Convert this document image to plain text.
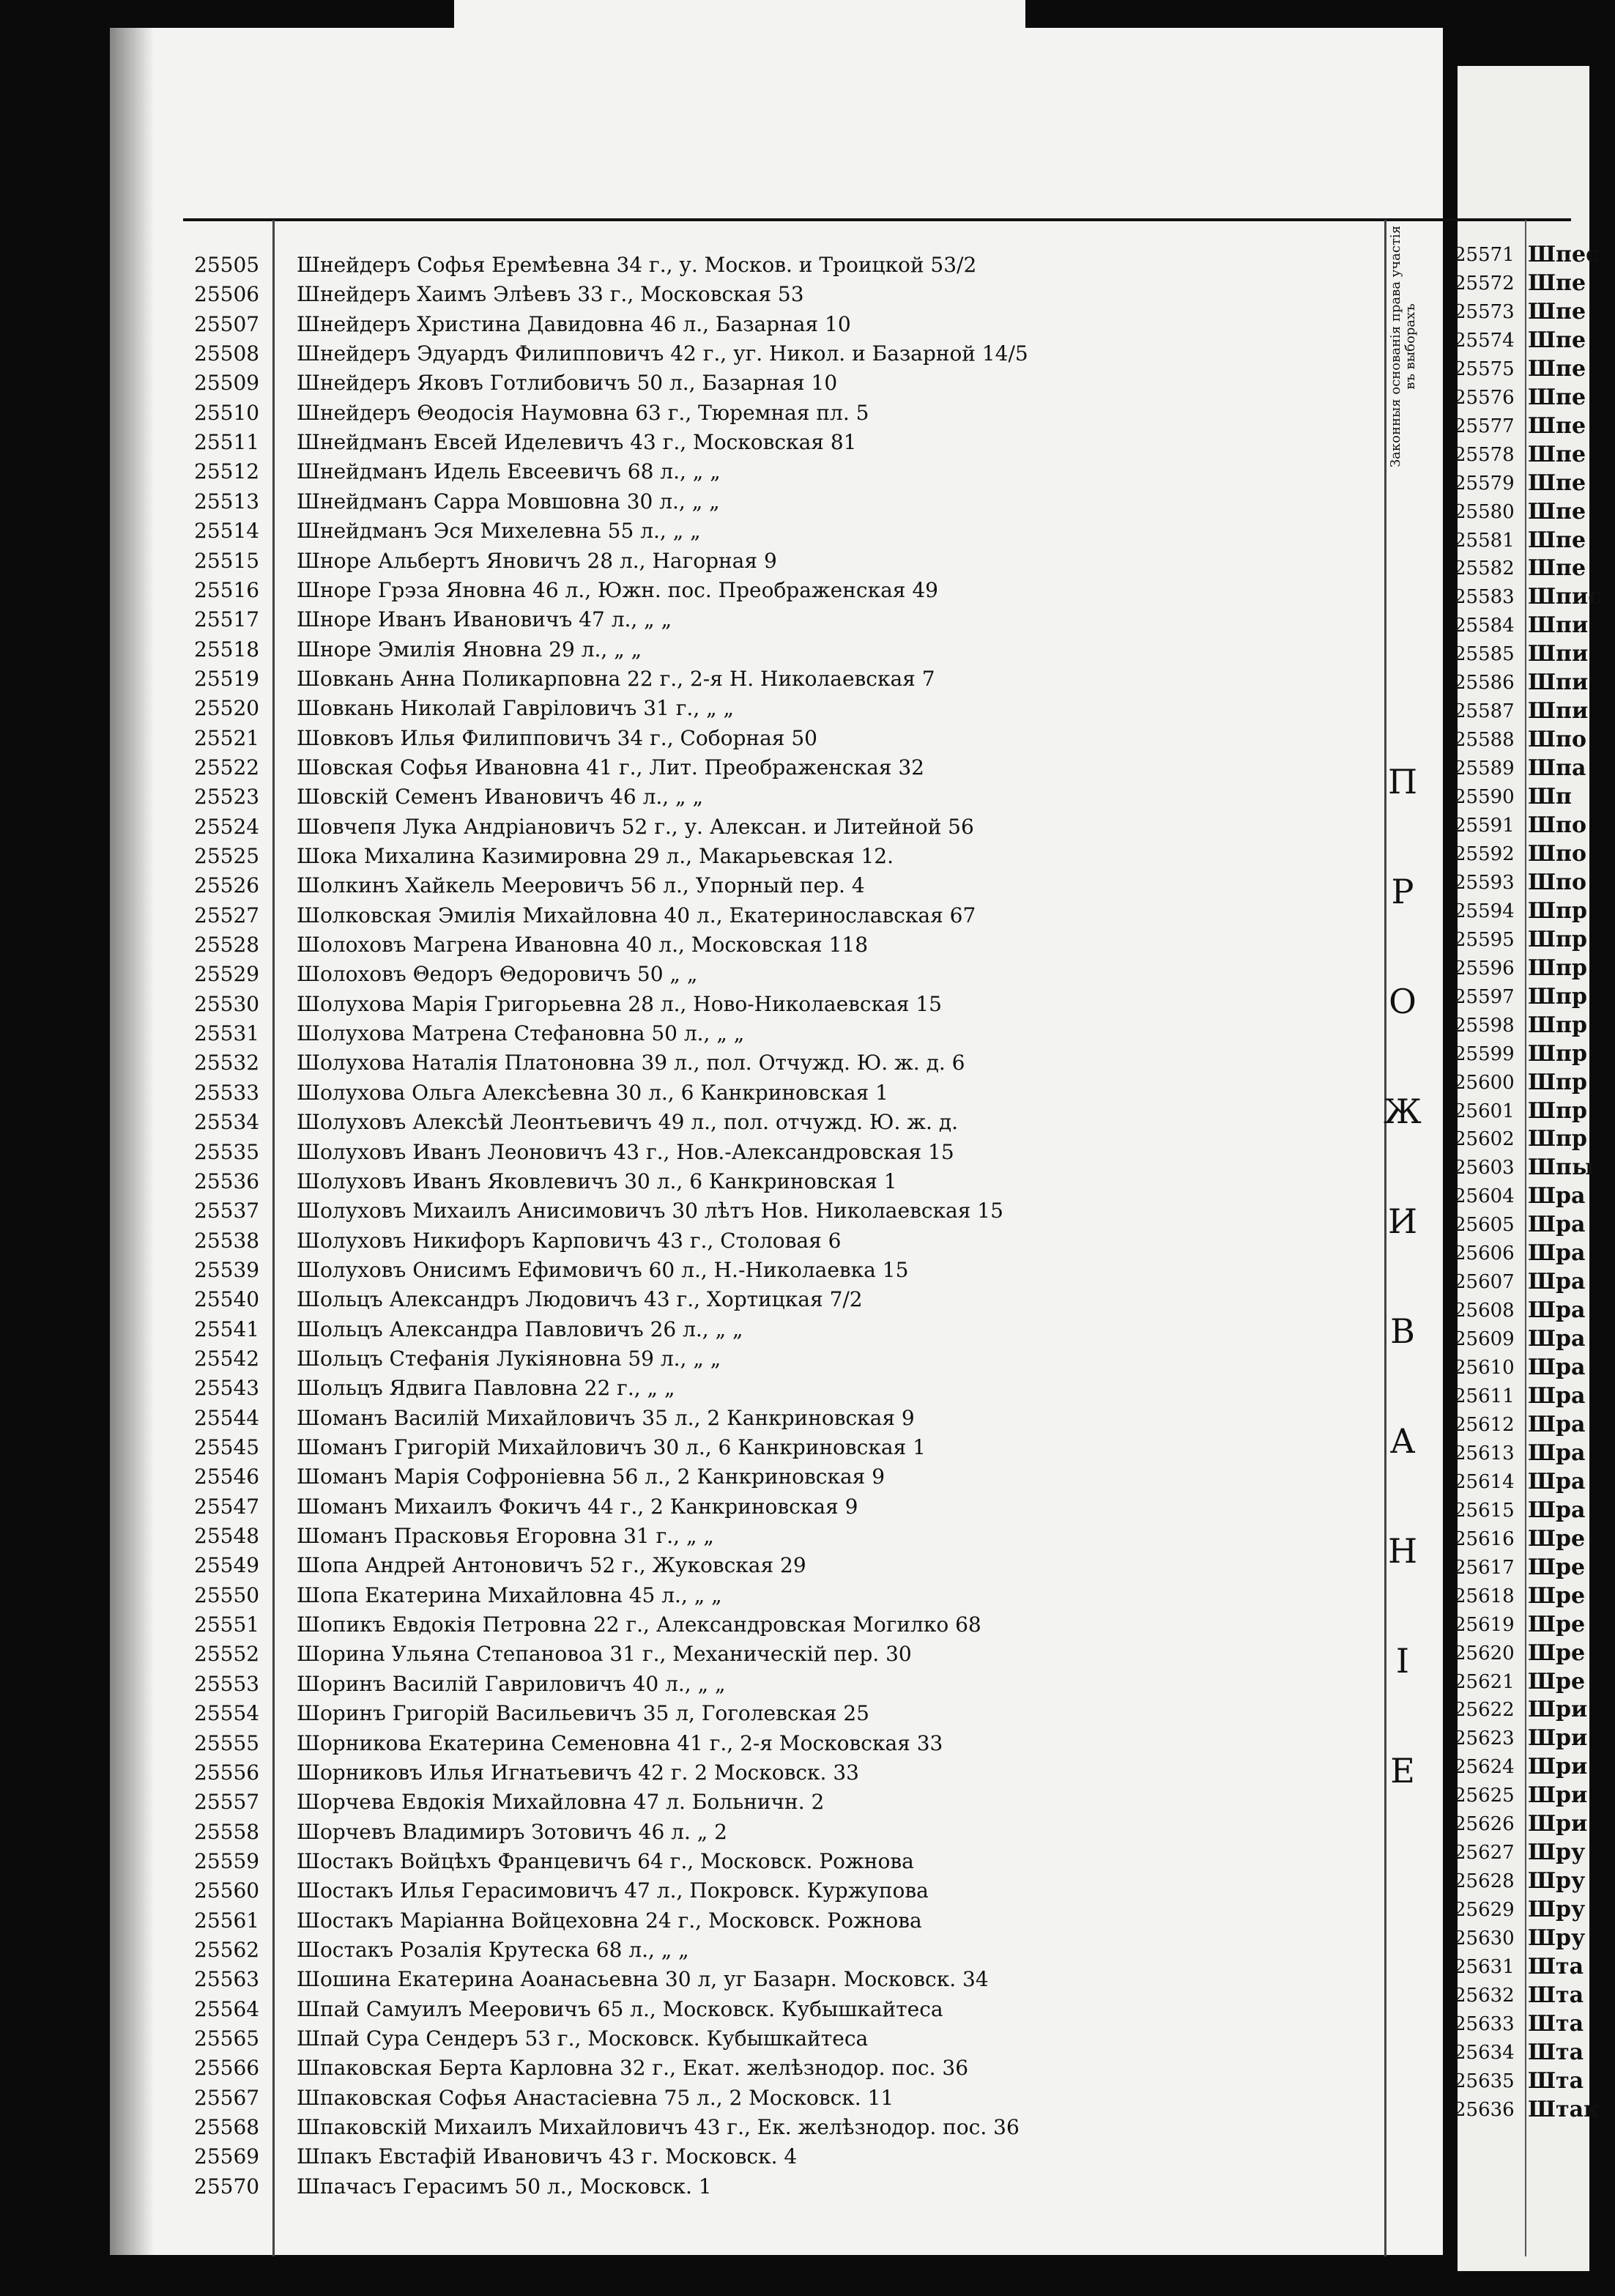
Законныя основанія права участія въ выборахъ
П
Р
О
Ж
И
В
А
Н
І
Е
25505	Шнейдеръ Софья Еремѣевна 34 г., у. Москов. и Троицкой 53/2
25506	Шнейдеръ Хаимъ Элѣевъ 33 г., Московская 53
25507	Шнейдеръ Христина Давидовна 46 л., Базарная 10
25508	Шнейдеръ Эдуардъ Филипповичъ 42 г., уг. Никол. и Базарной 14/5
25509	Шнейдеръ Яковъ Готлибовичъ 50 л., Базарная 10
25510	Шнейдеръ Θеодосія Наумовна 63 г., Тюремная пл. 5
25511	Шнейдманъ Евсей Иделевичъ 43 г., Московская 81
25512	Шнейдманъ Идель Евсеевичъ 68 л., „ „
25513	Шнейдманъ Сарра Мовшовна 30 л., „ „
25514	Шнейдманъ Эся Михелевна 55 л., „ „
25515	Шноре Альбертъ Яновичъ 28 л., Нагорная 9
25516	Шноре Грэза Яновна 46 л., Южн. пос. Преображенская 49
25517	Шноре Иванъ Ивановичъ 47 л., „ „
25518	Шноре Эмилія Яновна 29 л., „ „
25519	Шовкань Анна Поликарповна 22 г., 2-я Н. Николаевская 7
25520	Шовкань Николай Гавріловичъ 31 г., „ „
25521	Шовковъ Илья Филипповичъ 34 г., Соборная 50
25522	Шовская Софья Ивановна 41 г., Лит. Преображенская 32
25523	Шовскій Семенъ Ивановичъ 46 л., „ „
25524	Шовчепя Лука Андріановичъ 52 г., у. Алексан. и Литейной 56
25525	Шока Михалина Казимировна 29 л., Макарьевская 12.
25526	Шолкинъ Хайкель Мееровичъ 56 л., Упорный пер. 4
25527	Шолковская Эмилія Михайловна 40 л., Екатеринославская 67
25528	Шолоховъ Магрена Ивановна 40 л., Московская 118
25529	Шолоховъ Θедоръ Θедоровичъ 50 „ „
25530	Шолухова Марія Григорьевна 28 л., Ново-Николаевская 15
25531	Шолухова Матрена Стефановна 50 л., „ „
25532	Шолухова Наталія Платоновна 39 л., пол. Отчужд. Ю. ж. д. 6
25533	Шолухова Ольга Алексѣевна 30 л., 6 Канкриновская 1
25534	Шолуховъ Алексѣй Леонтьевичъ 49 л., пол. отчужд. Ю. ж. д.
25535	Шолуховъ Иванъ Леоновичъ 43 г., Нов.-Александровская 15
25536	Шолуховъ Иванъ Яковлевичъ 30 л., 6 Канкриновская 1
25537	Шолуховъ Михаилъ Анисимовичъ 30 лѣтъ Нов. Николаевская 15
25538	Шолуховъ Никифоръ Карповичъ 43 г., Столовая 6
25539	Шолуховъ Онисимъ Ефимовичъ 60 л., Н.-Николаевка 15
25540	Шольцъ Александръ Людовичъ 43 г., Хортицкая 7/2
25541	Шольцъ Александра Павловичъ 26 л., „ „
25542	Шольцъ Стефанія Лукіяновна 59 л., „ „
25543	Шольцъ Ядвига Павловна 22 г., „ „
25544	Шоманъ Василій Михайловичъ 35 л., 2 Канкриновская 9
25545	Шоманъ Григорій Михайловичъ 30 л., 6 Канкриновская 1
25546	Шоманъ Марія Софроніевна 56 л., 2 Канкриновская 9
25547	Шоманъ Михаилъ Фокичъ 44 г., 2 Канкриновская 9
25548	Шоманъ Прасковья Егоровна 31 г., „ „
25549	Шопа Андрей Антоновичъ 52 г., Жуковская 29
25550	Шопа Екатерина Михайловна 45 л., „ „
25551	Шопикъ Евдокія Петровна 22 г., Александровская Могилко 68
25552	Шорина Ульяна Степановоа 31 г., Механическій пер. 30
25553	Шоринъ Василій Гавриловичъ 40 л., „ „
25554	Шоринъ Григорій Васильевичъ 35 л, Гоголевская 25
25555	Шорникова Екатерина Семеновна 41 г., 2-я Московская 33
25556	Шорниковъ Илья Игнатьевичъ 42 г. 2 Московск. 33
25557	Шорчева Евдокія Михайловна 47 л. Больничн. 2
25558	Шорчевъ Владимиръ Зотовичъ 46 л. „ 2
25559	Шостакъ Войцѣхъ Францевичъ 64 г., Московск. Рожнова
25560	Шостакъ Илья Герасимовичъ 47 л., Покровск. Куржупова
25561	Шостакъ Маріанна Войцеховна 24 г., Московск. Рожнова
25562	Шостакъ Розалія Крутеска 68 л., „ „
25563	Шошина Екатерина Аоанасьевна 30 л, уг Базарн. Московск. 34
25564	Шпай Самуилъ Мееровичъ 65 л., Московск. Кубышкайтеса
25565	Шпай Сура Сендеръ 53 г., Московск. Кубышкайтеса
25566	Шпаковская Берта Карловна 32 г., Екат. желѣзнодор. пос. 36
25567	Шпаковская Софья Анастасіевна 75 л., 2 Московск. 11
25568	Шпаковскій Михаилъ Михайловичъ 43 г., Ек. желѣзнодор. пос. 36
25569	Шпакъ Евстафій Ивановичъ 43 г. Московск. 4
25570	Шпачасъ Герасимъ 50 л., Московск. 1
25571 Шпес
25572 Шпе
25573 Шпе
25574 Шпе
25575 Шпе
25576 Шпе
25577 Шпе
25578 Шпе
25579 Шпе
25580 Шпе
25581 Шпе
25582 Шпе
25583 Шпис
25584 Шпи
25585 Шпи
25586 Шпи
25587 Шпи
25588 Шпо
25589 Шпа
25590 Шп
25591 Шпо
25592 Шпо
25593 Шпо
25594 Шпр
25595 Шпр
25596 Шпр
25597 Шпр
25598 Шпр
25599 Шпр
25600 Шпр
25601 Шпр
25602 Шпр
25603 Шпы
25604 Шра
25605 Шра
25606 Шра
25607 Шра
25608 Шра
25609 Шра
25610 Шра
25611 Шра
25612 Шра
25613 Шра
25614 Шра
25615 Шра
25616 Шре
25617 Шре
25618 Шре
25619 Шре
25620 Шре
25621 Шре
25622 Шри
25623 Шри
25624 Шри
25625 Шри
25626 Шри
25627 Шру
25628 Шру
25629 Шру
25630 Шру
25631 Шта
25632 Шта
25633 Шта
25634 Шта
25635 Шта
25636 Штак
